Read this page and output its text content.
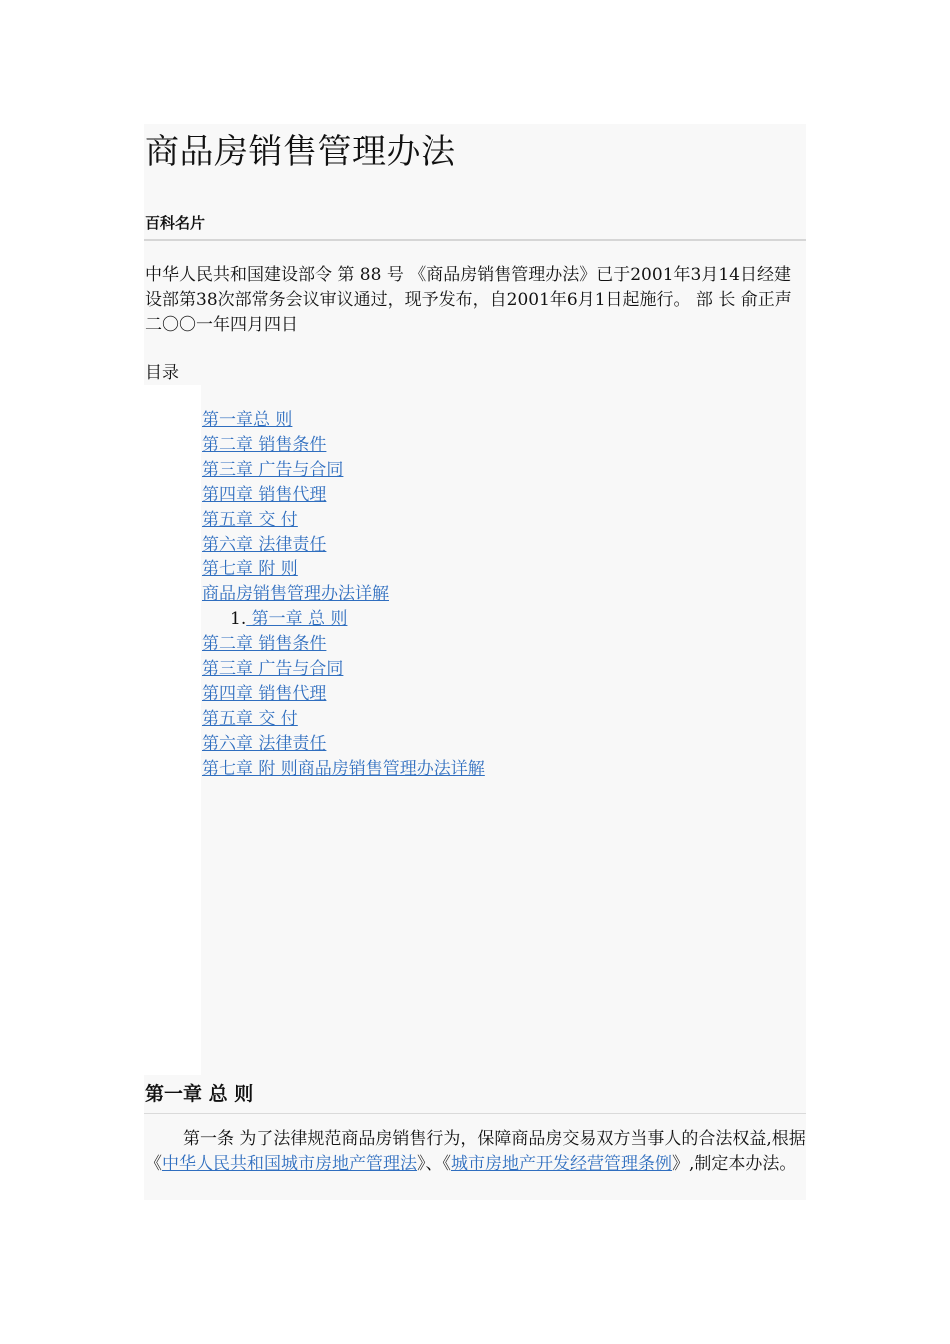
商品房销售管理办法
百科名片

中华人民共和国建设部令 第 88 号 《商品房销售管理办法》已于2001年3月14日经建设部第38次部常务会议审议通过，现予发布，自2001年6月1日起施行。 部 长 俞正声 二〇〇一年四月四日

目录
第一章总 则
第二章 销售条件
第三章 广告与合同
第四章 销售代理
第五章 交 付
第六章 法律责任
第七章 附 则
商品房销售管理办法详解
1. 第一章 总 则
第二章 销售条件
第三章 广告与合同
第四章 销售代理
第五章 交 付
第六章 法律责任
第七章 附 则商品房销售管理办法详解
第一章 总 则

第一条 为了法律规范商品房销售行为，保障商品房交易双方当事人的合法权益,根据《中华人民共和国城市房地产管理法》、《城市房地产开发经营管理条例》,制定本办法。
